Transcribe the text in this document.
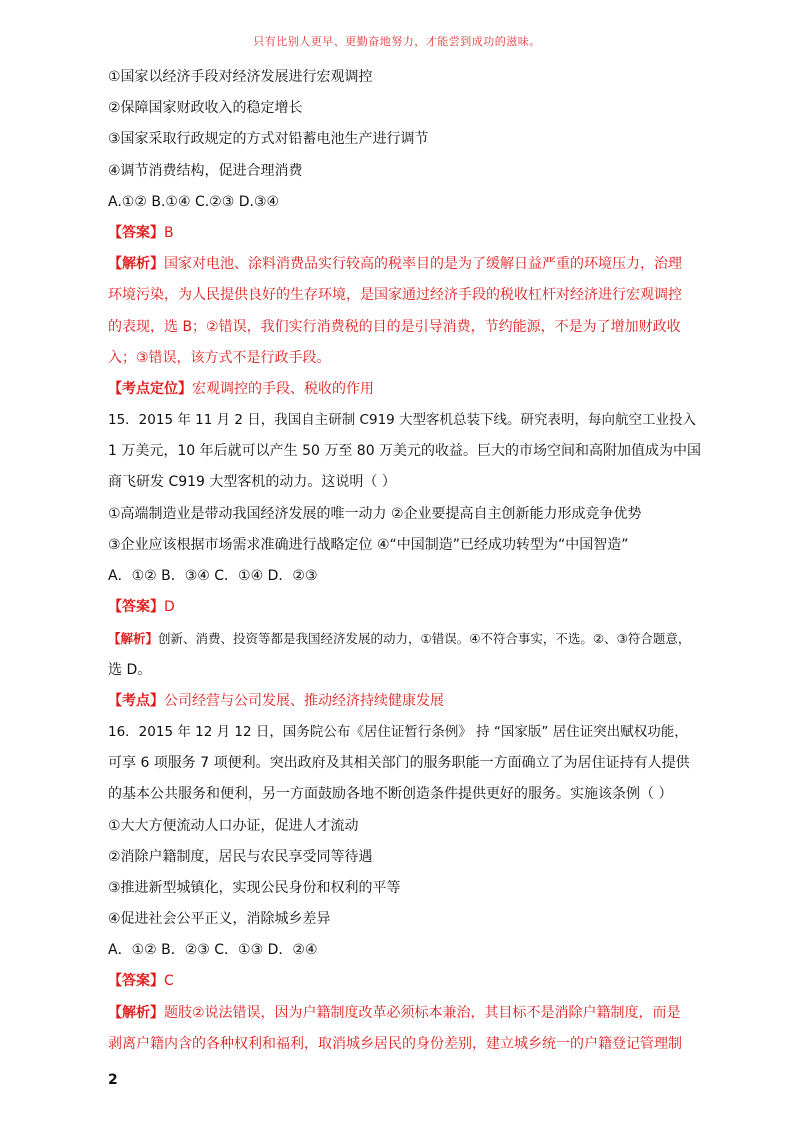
只有比别人更早、更勤奋地努力，才能尝到成功的滋味。
①国家以经济手段对经济发展进行宏观调控
②保障国家财政收入的稳定增长
③国家采取行政规定的方式对铅蓄电池生产进行调节
④调节消费结构，促进合理消费
A.①② B.①④ C.②③ D.③④
【答案】B
【解析】国家对电池、涂料消费品实行较高的税率目的是为了缓解日益严重的环境压力，治理
环境污染，为人民提供良好的生存环境，是国家通过经济手段的税收杠杆对经济进行宏观调控
的表现，选 B；②错误，我们实行消费税的目的是引导消费，节约能源，不是为了增加财政收
入；③错误，该方式不是行政手段。
【考点定位】宏观调控的手段、税收的作用
15．2015 年 11 月 2 日，我国自主研制 C919 大型客机总装下线。研究表明，每向航空工业投入
1 万美元，10 年后就可以产生 50 万至 80 万美元的收益。巨大的市场空间和高附加值成为中国
商飞研发 C919 大型客机的动力。这说明（ ）
①高端制造业是带动我国经济发展的唯一动力 ②企业要提高自主创新能力形成竞争优势
③企业应该根据市场需求准确进行战略定位 ④“中国制造”已经成功转型为“中国智造”
A．①② B．③④ C．①④ D．②③
【答案】D
【解析】创新、消费、投资等都是我国经济发展的动力，①错误。④不符合事实，不选。②、③符合题意，
选 D。
【考点】公司经营与公司发展、推动经济持续健康发展
16．2015 年 12 月 12 日，国务院公布《居住证暂行条例》 持 “国家版” 居住证突出赋权功能，
可享 6 项服务 7 项便利。突出政府及其相关部门的服务职能一方面确立了为居住证持有人提供
的基本公共服务和便利，另一方面鼓励各地不断创造条件提供更好的服务。实施该条例（ ）
①大大方便流动人口办证，促进人才流动
②消除户籍制度，居民与农民享受同等待遇
③推进新型城镇化，实现公民身份和权利的平等
④促进社会公平正义，消除城乡差异
A．①② B．②③ C．①③ D．②④
【答案】C
【解析】题肢②说法错误，因为户籍制度改革必须标本兼治，其目标不是消除户籍制度，而是
剥离户籍内含的各种权利和福利，取消城乡居民的身份差别，建立城乡统一的户籍登记管理制
2
